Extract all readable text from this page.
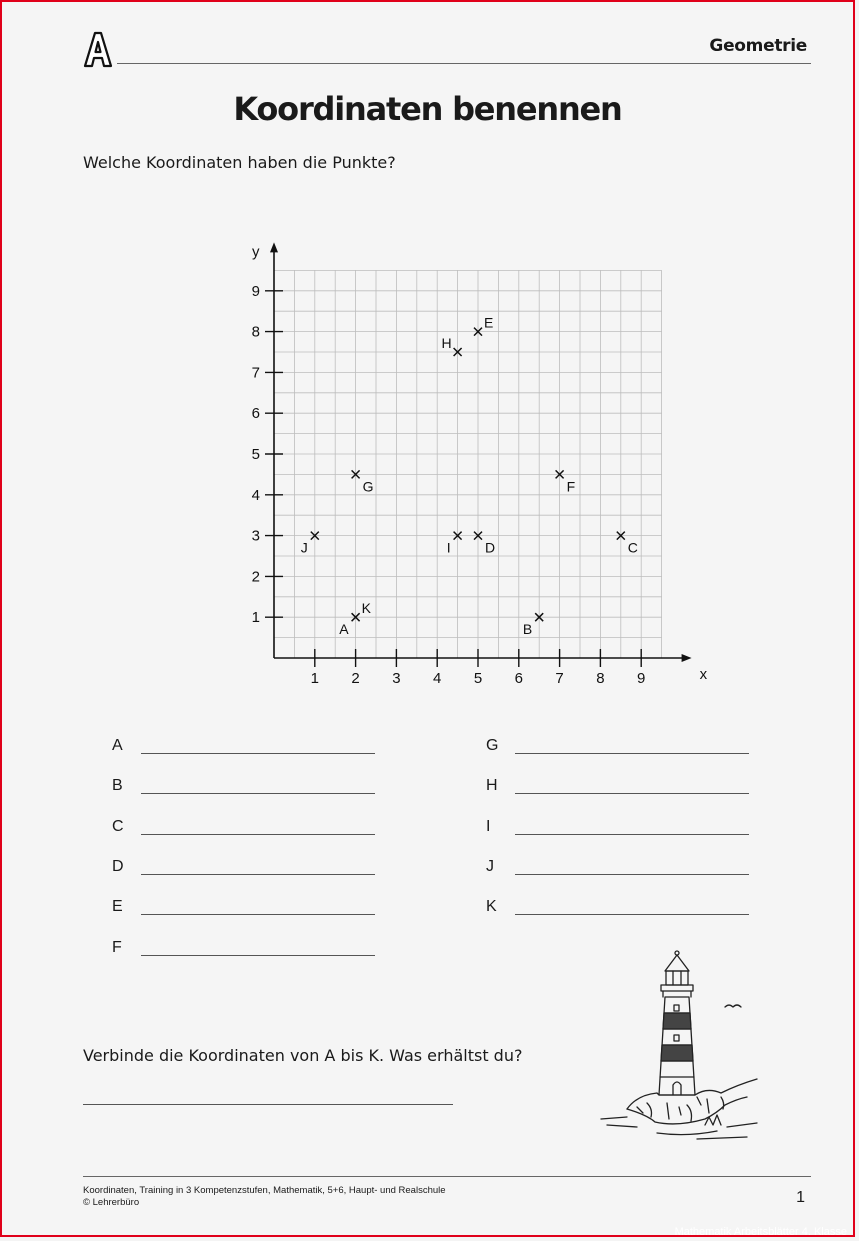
Geometrie
Koordinaten benennen
Welche Koordinaten haben die Punkte?
1 2 3 4 5 6 7 8 9
1
2
3
4
5
6
7
8
9
x
y
A	B
C
D
E
F
G
H
I
J
K
A
B
C
D
E
F
G
H
I
J
K
Verbinde die Koordinaten von A bis K. Was erhältst du?
Koordinaten, Training in 3 Kompetenzstufen, Mathematik, 5+6, Haupt- und Realschule
© Lehrerbüro	1
Mathematik Arbeitsblätter 4. Klasse
